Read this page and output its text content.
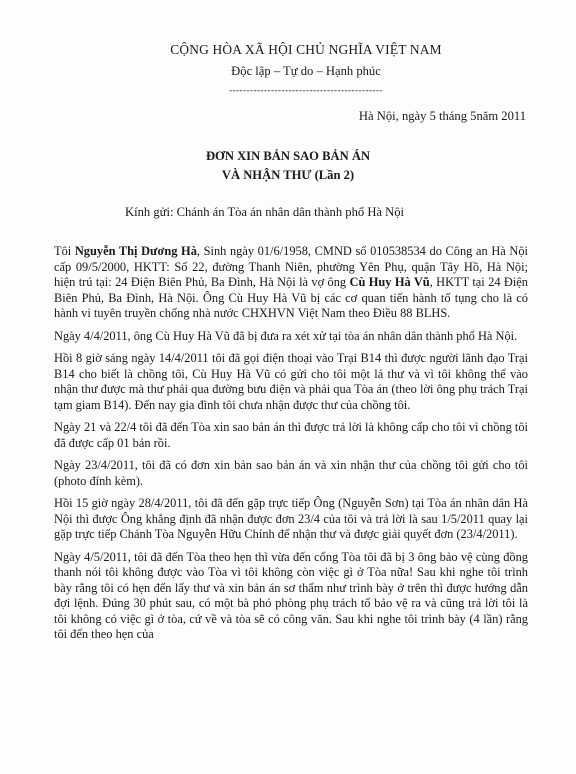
CỘNG HÒA XÃ HỘI CHỦ NGHĨA VIỆT NAM
Độc lập – Tự do – Hạnh phúc
--------------------------------------------
Hà Nội, ngày 5 tháng 5năm 2011
ĐƠN XIN BẢN SAO BẢN ÁN
VÀ NHẬN THƯ (Lần 2)
Kính gửi: Chánh án Tòa án nhân dân thành phố Hà Nội

Tôi Nguyễn Thị Dương Hà, Sinh ngày 01/6/1958, CMND số 010538534 do Công an Hà Nội cấp 09/5/2000, HKTT: Số 22, đường Thanh Niên, phường Yên Phụ, quận Tây Hồ, Hà Nội; hiện trú tại: 24 Điện Biên Phủ, Ba Đình, Hà Nội là vợ ông Cù Huy Hà Vũ, HKTT tại 24 Điện Biên Phủ, Ba Đình, Hà Nội. Ông Cù Huy Hà Vũ bị các cơ quan tiến hành tố tụng cho là có hành vi tuyên truyền chống nhà nước CHXHVN Việt Nam theo Điều 88 BLHS.

Ngày 4/4/2011, ông Cù Huy Hà Vũ đã bị đưa ra xét xử tại tòa án nhân dân thành phố Hà Nội.

Hồi 8 giờ sáng ngày 14/4/2011 tôi đã gọi điện thoại vào Trại B14 thì được người lãnh đạo Trại B14 cho biết là chồng tôi, Cù Huy Hà Vũ có gửi cho tôi một lá thư và vì tôi không thể vào nhận thư được mà thư phải qua đường bưu điện và phải qua Tòa án (theo lời ông phụ trách Trại tạm giam B14). Đến nay gia đình tôi chưa nhận được thư của chồng tôi.

Ngày 21 và 22/4 tôi đã đến Tòa xin sao bản án thì được trả lời là không cấp cho tôi vì chồng tôi đã được cấp 01 bản rồi.

Ngày 23/4/2011, tôi đã có đơn xin bản sao bản án và xin nhận thư của chồng tôi gửi cho tôi (photo đính kèm).

Hồi 15 giờ ngày 28/4/2011, tôi đã đến gặp trực tiếp Ông (Nguyễn Sơn) tại Tòa án nhân dân Hà Nội thì được Ông khẳng định đã nhận được đơn 23/4 của tôi và trả lời là sau 1/5/2011 quay lại gặp trực tiếp Chánh Tòa Nguyễn Hữu Chính để nhận thư và được giải quyết đơn (23/4/2011).

Ngày 4/5/2011, tôi đã đến Tòa theo hẹn thì vừa đến cổng Tòa tôi đã bị 3 ông bảo vệ cùng đồng thanh nói tôi không được vào Tòa vì tôi không còn việc gì ở Tòa nữa! Sau khi nghe tôi trình bày rằng tôi có hẹn đến lấy thư và xin bản án sơ thẩm như trình bày ở trên thì được hướng dẫn đợi lệnh. Đúng 30 phút sau, có một bà phó phòng phụ trách tổ bảo vệ ra và cũng trả lời tôi là tôi không có việc gì ở tòa, cứ về và tòa sẽ có công văn. Sau khi nghe tôi trình bày (4 lần) rằng tôi đến theo hẹn của
